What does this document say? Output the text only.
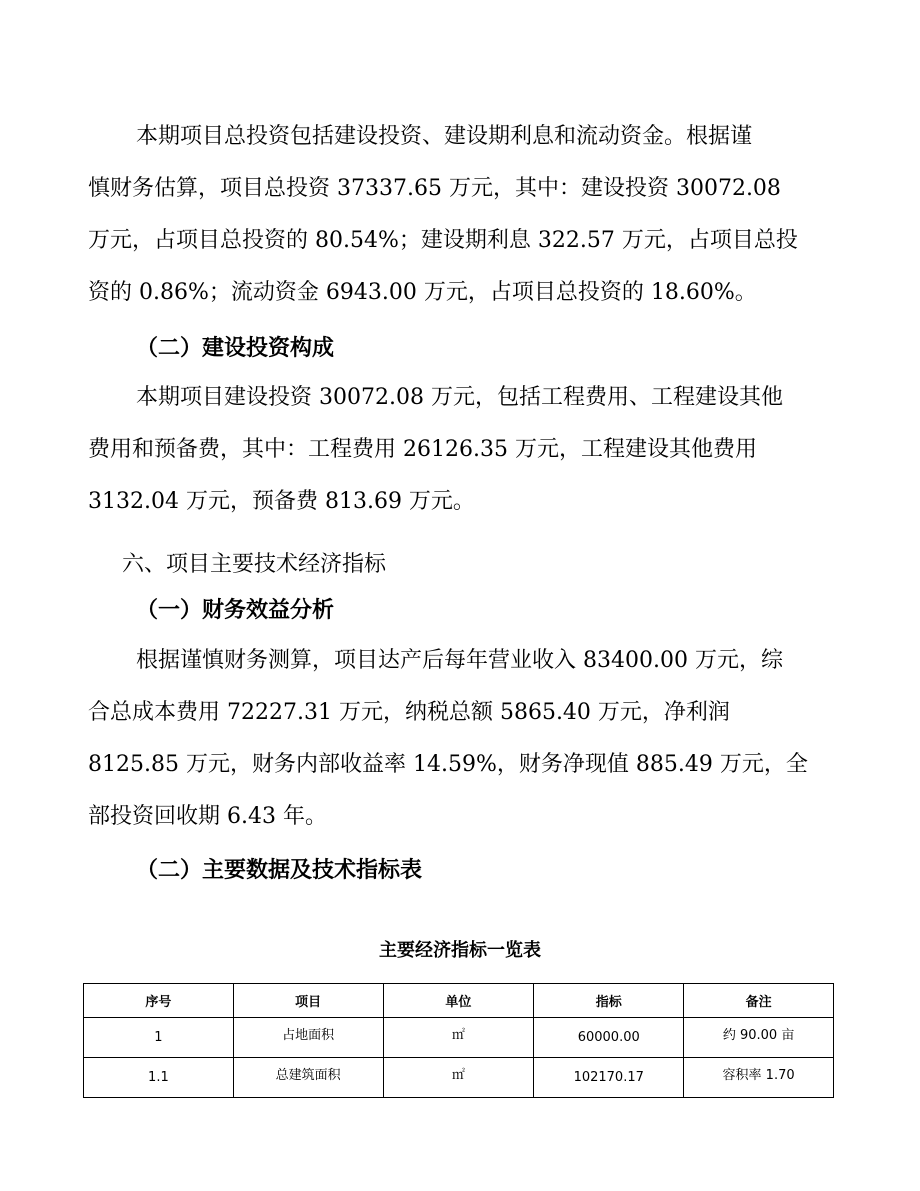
本期项目总投资包括建设投资、建设期利息和流动资金。根据谨
慎财务估算，项目总投资 37337.65 万元，其中：建设投资 30072.08
万元，占项目总投资的 80.54%；建设期利息 322.57 万元，占项目总投
资的 0.86%；流动资金 6943.00 万元，占项目总投资的 18.60%。

（二）建设投资构成

本期项目建设投资 30072.08 万元，包括工程费用、工程建设其他
费用和预备费，其中：工程费用 26126.35 万元，工程建设其他费用
3132.04 万元，预备费 813.69 万元。

六、项目主要技术经济指标

（一）财务效益分析

根据谨慎财务测算，项目达产后每年营业收入 83400.00 万元，综
合总成本费用 72227.31 万元，纳税总额 5865.40 万元，净利润
8125.85 万元，财务内部收益率 14.59%，财务净现值 885.49 万元，全
部投资回收期 6.43 年。

（二）主要数据及技术指标表

主要经济指标一览表

序号	项目	单位	指标	备注
1	占地面积	㎡	60000.00	约 90.00 亩
1.1	总建筑面积	㎡	102170.17	容积率 1.70
